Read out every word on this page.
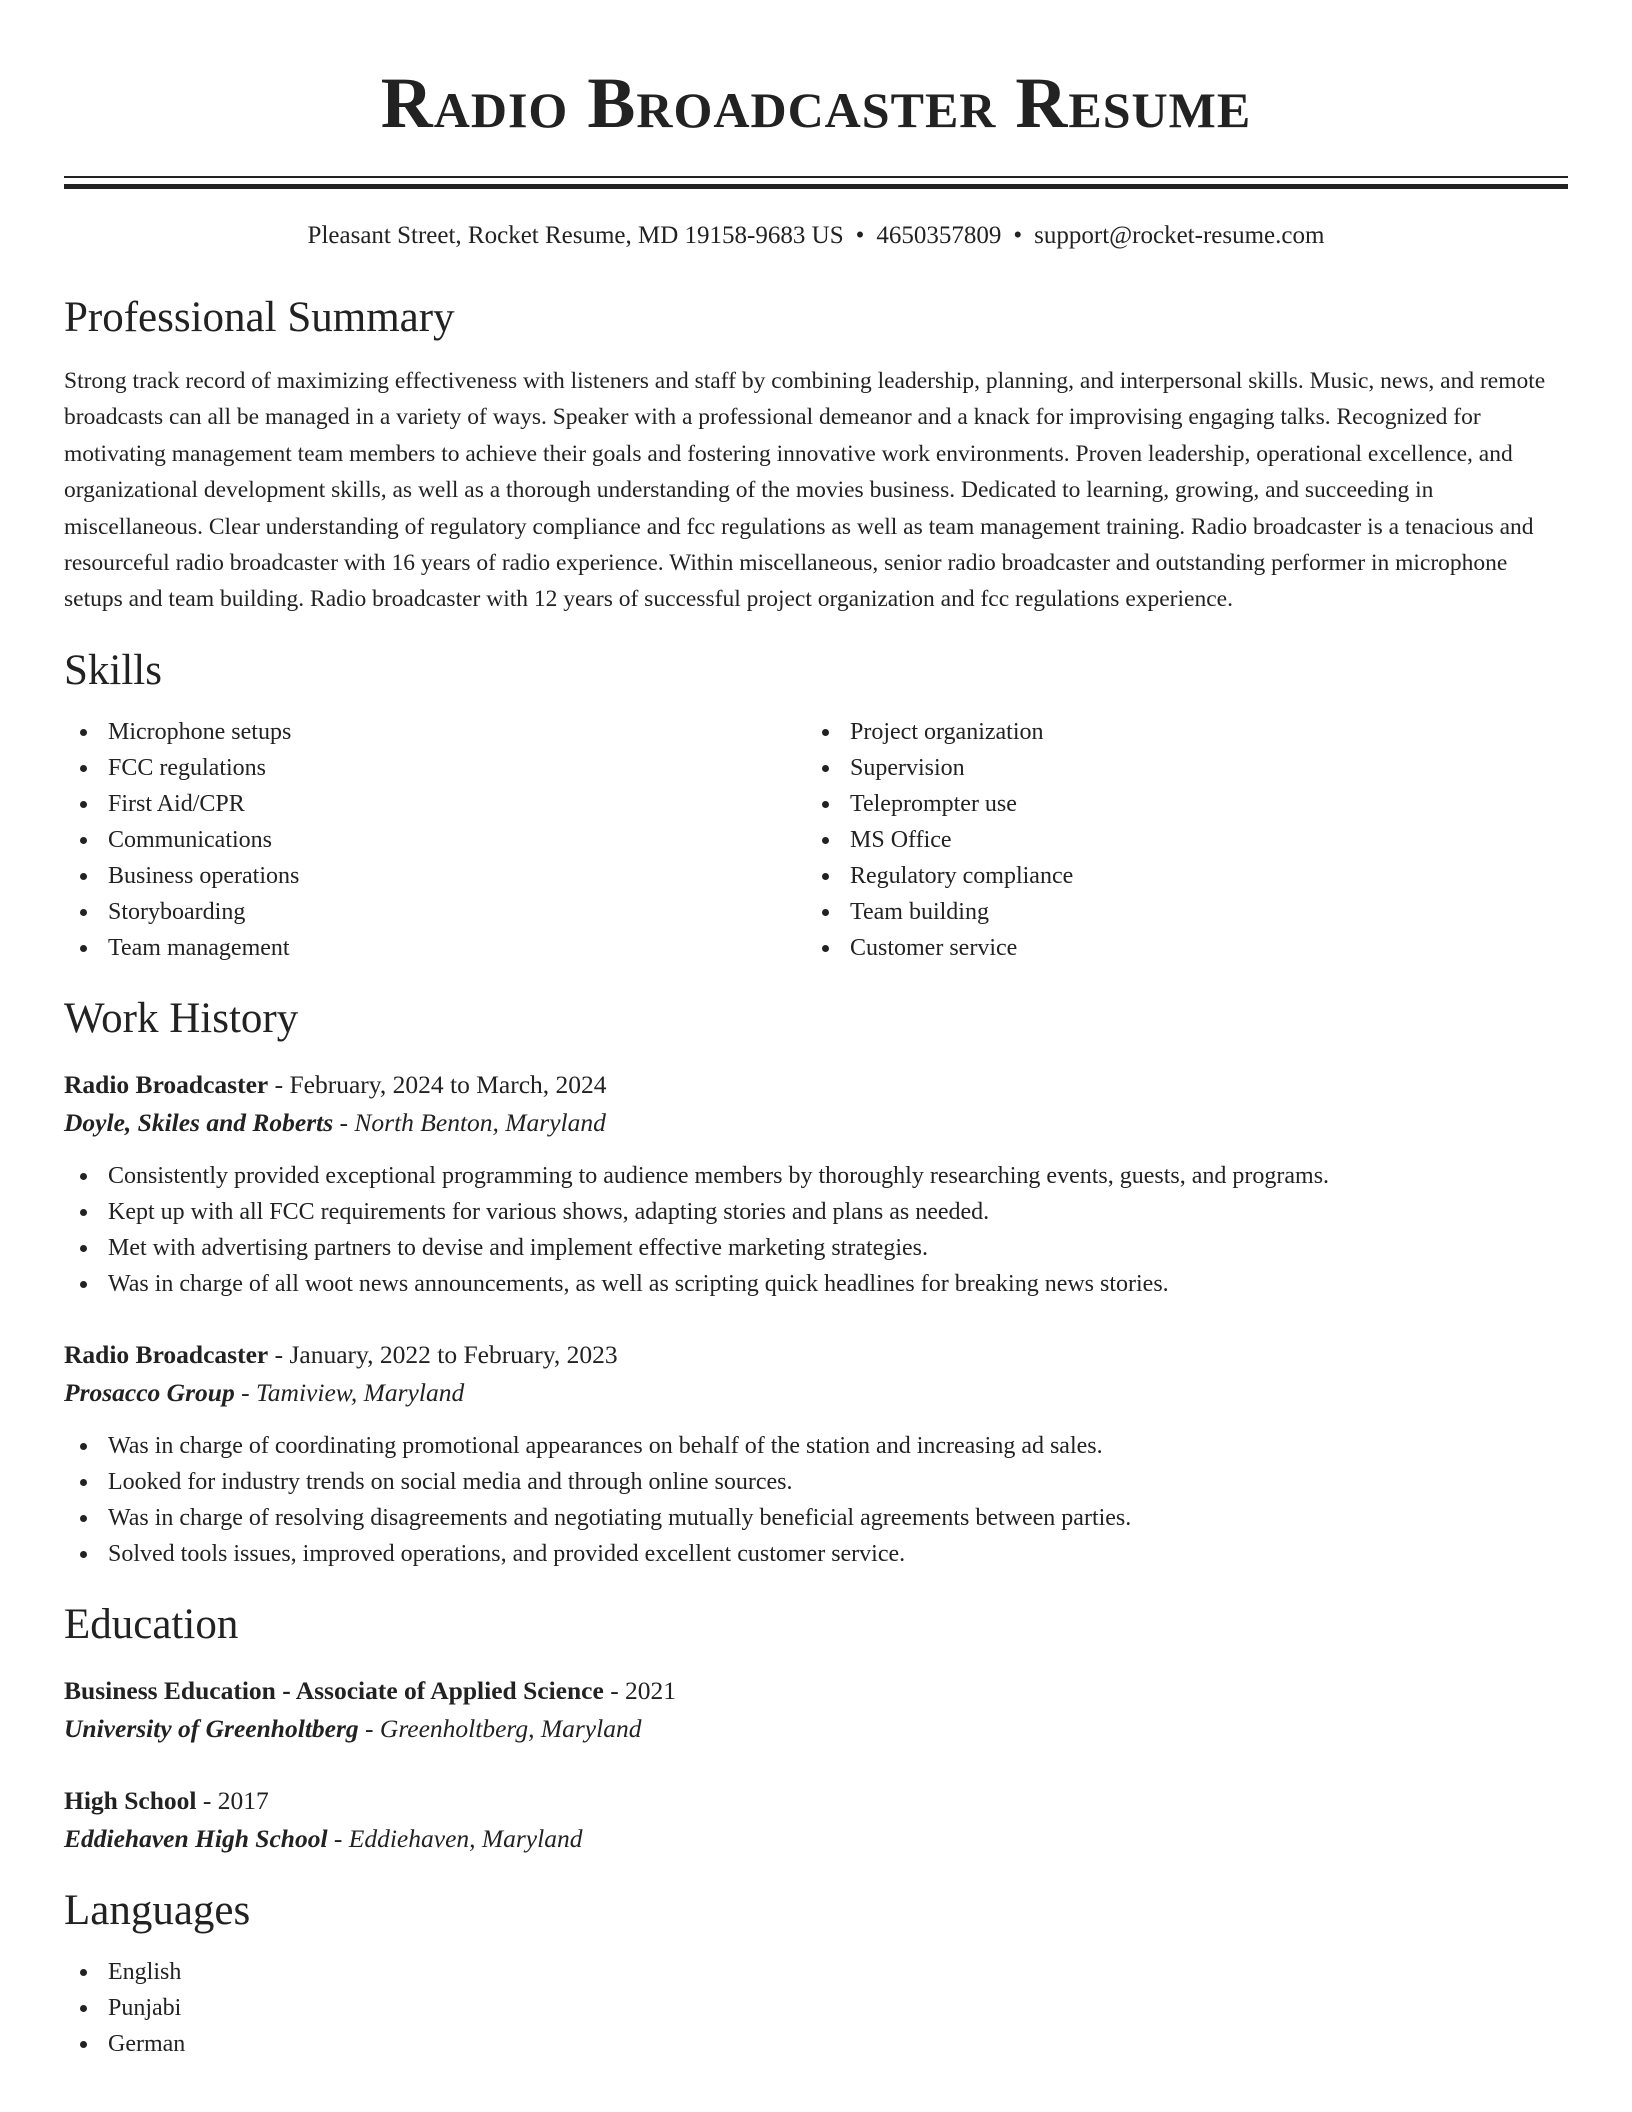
Radio Broadcaster Resume
Pleasant Street, Rocket Resume, MD 19158-9683 US • 4650357809 • support@rocket-resume.com
Professional Summary

Strong track record of maximizing effectiveness with listeners and staff by combining leadership, planning, and interpersonal skills. Music, news, and remote broadcasts can all be managed in a variety of ways. Speaker with a professional demeanor and a knack for improvising engaging talks. Recognized for motivating management team members to achieve their goals and fostering innovative work environments. Proven leadership, operational excellence, and organizational development skills, as well as a thorough understanding of the movies business. Dedicated to learning, growing, and succeeding in miscellaneous. Clear understanding of regulatory compliance and fcc regulations as well as team management training. Radio broadcaster is a tenacious and resourceful radio broadcaster with 16 years of radio experience. Within miscellaneous, senior radio broadcaster and outstanding performer in microphone setups and team building. Radio broadcaster with 12 years of successful project organization and fcc regulations experience.

Skills
Microphone setups
FCC regulations
First Aid/CPR
Communications
Business operations
Storyboarding
Team management
Project organization
Supervision
Teleprompter use
MS Office
Regulatory compliance
Team building
Customer service
Work History
Radio Broadcaster - February, 2024 to March, 2024
Doyle, Skiles and Roberts - North Benton, Maryland
Consistently provided exceptional programming to audience members by thoroughly researching events, guests, and programs.
Kept up with all FCC requirements for various shows, adapting stories and plans as needed.
Met with advertising partners to devise and implement effective marketing strategies.
Was in charge of all woot news announcements, as well as scripting quick headlines for breaking news stories.
Radio Broadcaster - January, 2022 to February, 2023
Prosacco Group - Tamiview, Maryland
Was in charge of coordinating promotional appearances on behalf of the station and increasing ad sales.
Looked for industry trends on social media and through online sources.
Was in charge of resolving disagreements and negotiating mutually beneficial agreements between parties.
Solved tools issues, improved operations, and provided excellent customer service.
Education
Business Education - Associate of Applied Science - 2021
University of Greenholtberg - Greenholtberg, Maryland
High School - 2017
Eddiehaven High School - Eddiehaven, Maryland
Languages
English
Punjabi
German
